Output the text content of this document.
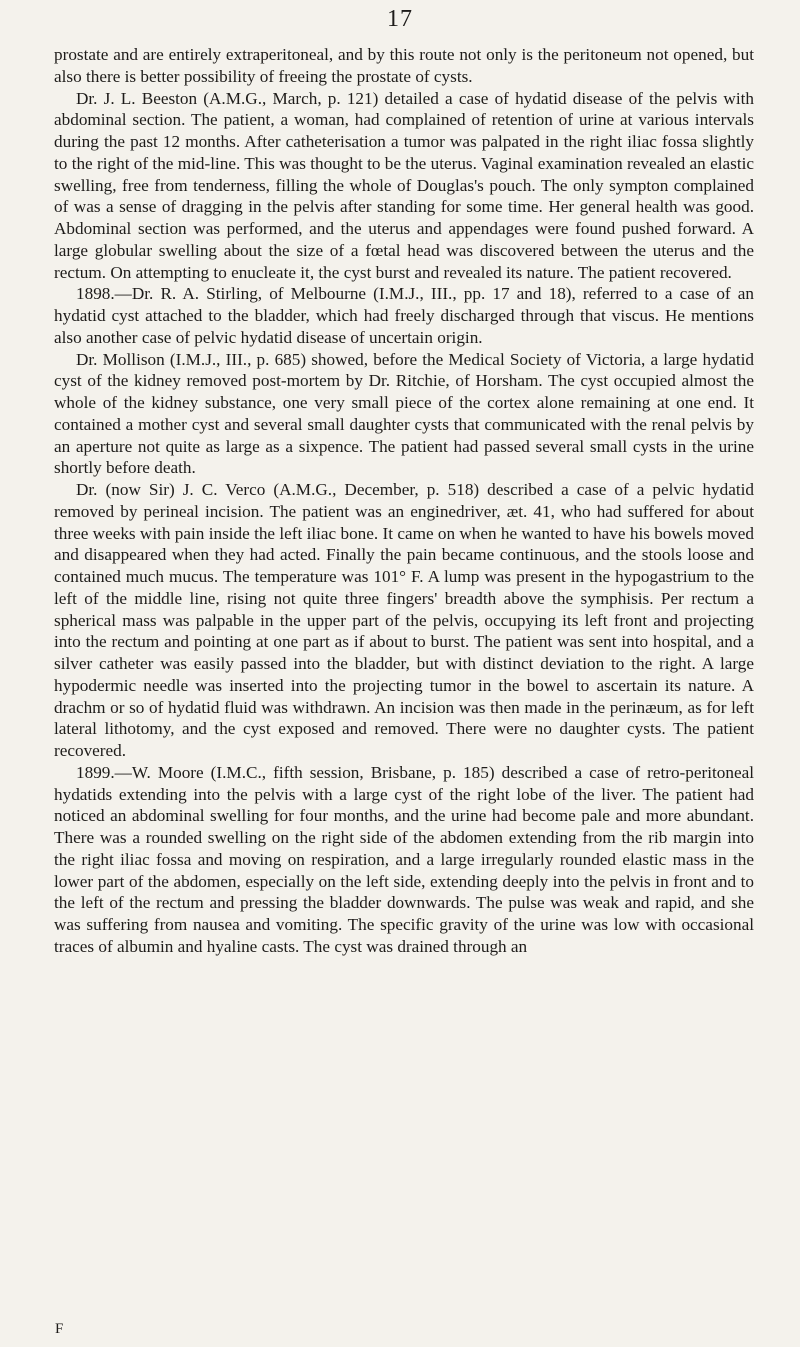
17

prostate and are entirely extraperitoneal, and by this route not only is the peritoneum not opened, but also there is better possibility of freeing the prostate of cysts.

Dr. J. L. Beeston (A.M.G., March, p. 121) detailed a case of hydatid disease of the pelvis with abdominal section. The patient, a woman, had complained of retention of urine at various intervals during the past 12 months. After catheterisation a tumor was palpated in the right iliac fossa slightly to the right of the mid-line. This was thought to be the uterus. Vaginal examination revealed an elastic swelling, free from tenderness, filling the whole of Douglas's pouch. The only sympton complained of was a sense of dragging in the pelvis after standing for some time. Her general health was good. Abdominal section was performed, and the uterus and appendages were found pushed forward. A large globular swelling about the size of a fœtal head was discovered between the uterus and the rectum. On attempting to enucleate it, the cyst burst and revealed its nature. The patient recovered.

1898.—Dr. R. A. Stirling, of Melbourne (I.M.J., III., pp. 17 and 18), referred to a case of an hydatid cyst attached to the bladder, which had freely discharged through that viscus. He mentions also another case of pelvic hydatid disease of uncertain origin.

Dr. Mollison (I.M.J., III., p. 685) showed, before the Medical Society of Victoria, a large hydatid cyst of the kidney removed post-mortem by Dr. Ritchie, of Horsham. The cyst occupied almost the whole of the kidney substance, one very small piece of the cortex alone remaining at one end. It contained a mother cyst and several small daughter cysts that communicated with the renal pelvis by an aperture not quite as large as a sixpence. The patient had passed several small cysts in the urine shortly before death.

Dr. (now Sir) J. C. Verco (A.M.G., December, p. 518) described a case of a pelvic hydatid removed by perineal incision. The patient was an enginedriver, æt. 41, who had suffered for about three weeks with pain inside the left iliac bone. It came on when he wanted to have his bowels moved and disappeared when they had acted. Finally the pain became continuous, and the stools loose and contained much mucus. The temperature was 101° F. A lump was present in the hypogastrium to the left of the middle line, rising not quite three fingers' breadth above the symphisis. Per rectum a spherical mass was palpable in the upper part of the pelvis, occupying its left front and projecting into the rectum and pointing at one part as if about to burst. The patient was sent into hospital, and a silver catheter was easily passed into the bladder, but with distinct deviation to the right. A large hypodermic needle was inserted into the projecting tumor in the bowel to ascertain its nature. A drachm or so of hydatid fluid was withdrawn. An incision was then made in the perinæum, as for left lateral lithotomy, and the cyst exposed and removed. There were no daughter cysts. The patient recovered.

1899.—W. Moore (I.M.C., fifth session, Brisbane, p. 185) described a case of retro-peritoneal hydatids extending into the pelvis with a large cyst of the right lobe of the liver. The patient had noticed an abdominal swelling for four months, and the urine had become pale and more abundant. There was a rounded swelling on the right side of the abdomen extending from the rib margin into the right iliac fossa and moving on respiration, and a large irregularly rounded elastic mass in the lower part of the abdomen, especially on the left side, extending deeply into the pelvis in front and to the left of the rectum and pressing the bladder downwards. The pulse was weak and rapid, and she was suffering from nausea and vomiting. The specific gravity of the urine was low with occasional traces of albumin and hyaline casts. The cyst was drained through an

F
